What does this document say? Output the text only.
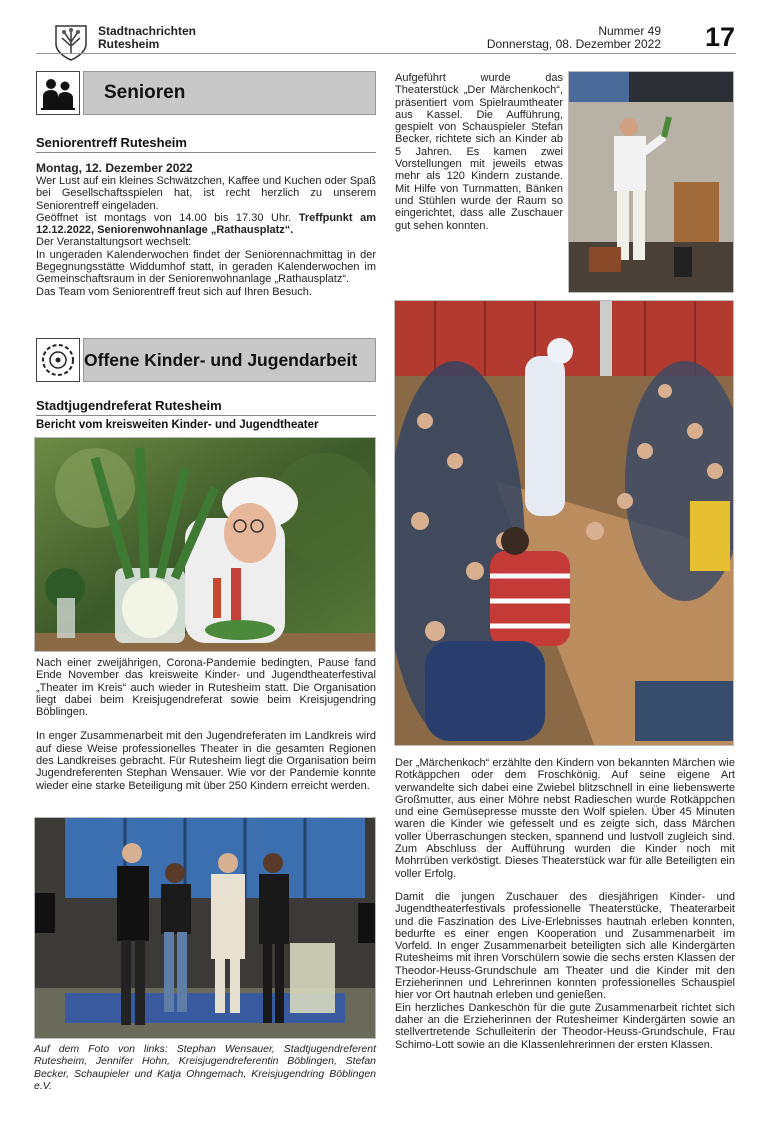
Stadtnachrichten
Rutesheim
Nummer 49
Donnerstag, 08. Dezember 2022 17
Senioren
Seniorentreff Rutesheim

Montag, 12. Dezember 2022

Wer Lust auf ein kleines Schwätzchen, Kaffee und Kuchen oder Spaß bei Gesellschaftsspielen hat, ist recht herzlich zu unserem Seniorentreff eingeladen.

Geöffnet ist montags von 14.00 bis 17.30 Uhr. Treffpunkt am 12.12.2022, Seniorenwohnanlage „Rathausplatz“.

Der Veranstaltungsort wechselt:

In ungeraden Kalenderwochen findet der Seniorennachmittag in der Begegnungsstätte Widdumhof statt, in geraden Kalenderwochen im Gemeinschaftsraum in der Seniorenwohnanlage „Rathausplatz“.

Das Team vom Seniorentreff freut sich auf Ihren Besuch.

Offene Kinder- und Jugendarbeit
Stadtjugendreferat Rutesheim
Bericht vom kreisweiten Kinder- und Jugendtheater

Nach einer zweijährigen, Corona-Pandemie bedingten, Pause fand Ende November das kreisweite Kinder- und Jugendtheaterfestival „Theater im Kreis“ auch wieder in Rutesheim statt. Die Organisation liegt dabei beim Kreisjugendreferat sowie beim Kreisjugendring Böblingen.

In enger Zusammenarbeit mit den Jugendreferaten im Landkreis wird auf diese Weise professionelles Theater in die gesamten Regionen des Landkreises gebracht. Für Rutesheim liegt die Organisation beim Jugendreferenten Stephan Wensauer. Wie vor der Pandemie konnte wieder eine starke Beteiligung mit über 250 Kindern erreicht werden.

Auf dem Foto von links: Stephan Wensauer, Stadtjugendreferent Rutesheim, Jennifer Hohn, Kreisjugendreferentin Böblingen, Stefan Becker, Schaupieler und Katja Ohngemach, Kreisjugendring Böblingen e.V.

Aufgeführt wurde das Theaterstück „Der Märchenkoch“, präsentiert vom Spielraumtheater aus Kassel. Die Aufführung, gespielt von Schauspieler Stefan Becker, richtete sich an Kinder ab 5 Jahren. Es kamen zwei Vorstellungen mit jeweils etwas mehr als 120 Kindern zustande. Mit Hilfe von Turnmatten, Bänken und Stühlen wurde der Raum so eingerichtet, dass alle Zuschauer gut sehen konnten.

Der „Märchenkoch“ erzählte den Kindern von bekannten Märchen wie Rotkäppchen oder dem Froschkönig. Auf seine eigene Art verwandelte sich dabei eine Zwiebel blitzschnell in eine liebenswerte Großmutter, aus einer Möhre nebst Radieschen wurde Rotkäppchen und eine Gemüsepresse musste den Wolf spielen. Über 45 Minuten waren die Kinder wie gefesselt und es zeigte sich, dass Märchen voller Überraschungen stecken, spannend und lustvoll zugleich sind. Zum Abschluss der Aufführung wurden die Kinder noch mit Mohrrüben verköstigt. Dieses Theaterstück war für alle Beteiligten ein voller Erfolg.

Damit die jungen Zuschauer des diesjährigen Kinder- und Jugendtheaterfestivals professionelle Theaterstücke, Theaterarbeit und die Faszination des Live-Erlebnisses hautnah erleben konnten, bedurfte es einer engen Kooperation und Zusammenarbeit im Vorfeld. In enger Zusammenarbeit beteiligten sich alle Kindergärten Rutesheims mit ihren Vorschülern sowie die sechs ersten Klassen der Theodor-Heuss-Grundschule am Theater und die Kinder mit den Erzieherinnen und Lehrerinnen konnten professionelles Schauspiel hier vor Ort hautnah erleben und genießen.

Ein herzliches Dankeschön für die gute Zusammenarbeit richtet sich daher an die Erzieherinnen der Rutesheimer Kindergärten sowie an stellvertretende Schulleiterin der Theodor-Heuss-Grundschule, Frau Schimo-Lott sowie an die Klassenlehrerinnen der ersten Klassen.
